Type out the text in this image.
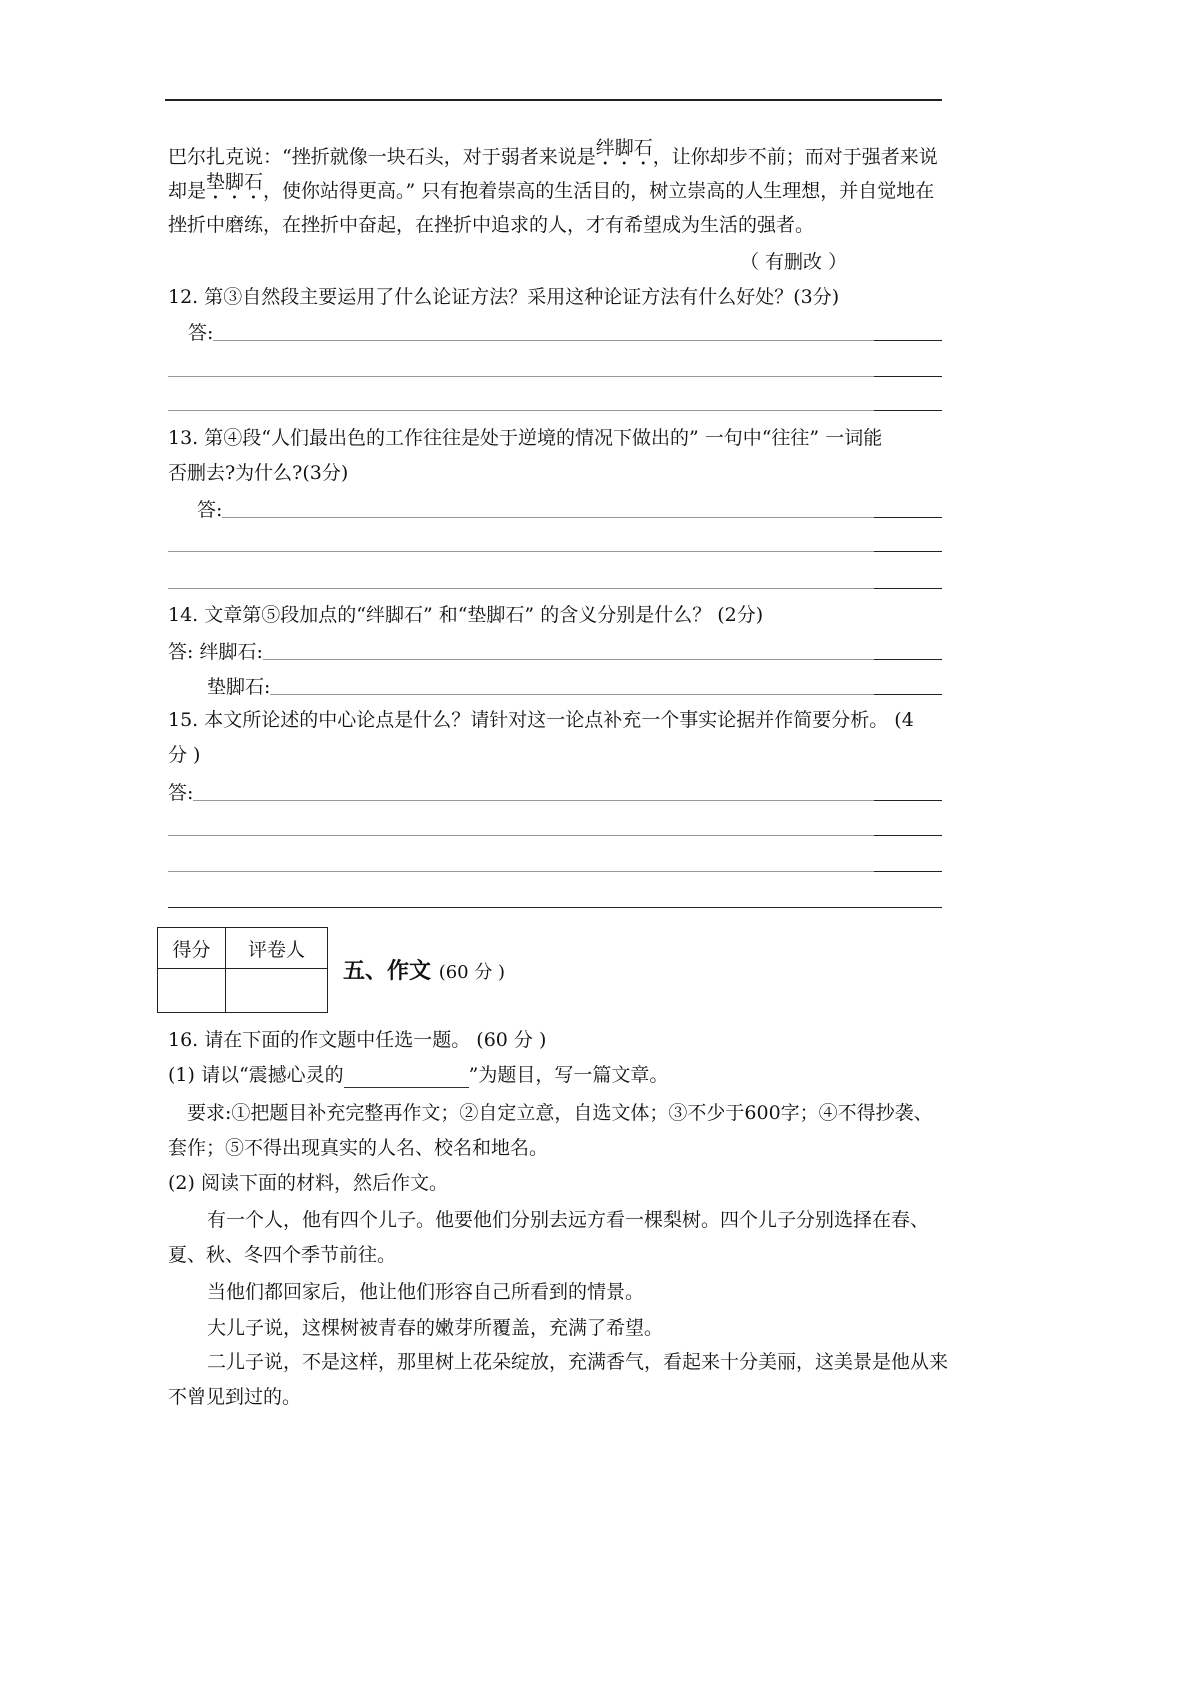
巴尔扎克说：“挫折就像一块石头，对于弱者来说是 绊脚石 ，让你却步不前；而对于强者来说
却是 垫脚石 ，使你站得更高。” 只有抱着崇高的生活目的，树立崇高的人生理想，并自觉地在
挫折中磨练，在挫折中奋起，在挫折中追求的人，才有希望成为生活的强者。
（ 有删改 ）
12. 第③自然段主要运用了什么论证方法？采用这种论证方法有什么好处？(3分)
答:
13. 第④段“人们最出色的工作往往是处于逆境的情况下做出的” 一句中“往往” 一词能
否删去?为什么?(3分)
答:
14. 文章第⑤段加点的“绊脚石” 和“垫脚石” 的含义分别是什么？ (2分)
答: 绊脚石:
垫脚石:
15. 本文所论述的中心论点是什么？请针对这一论点补充一个事实论据并作简要分析。 (4
分 )
答:
得分	评卷人

五、作文 (60 分 )
16. 请在下面的作文题中任选一题。 (60 分 )
(1) 请以“震撼心灵的	”为题目，写一篇文章。
要求:①把题目补充完整再作文；②自定立意，自选文体；③不少于600字；④不得抄袭、
套作；⑤不得出现真实的人名、校名和地名。
(2) 阅读下面的材料，然后作文。
有一个人，他有四个儿子。他要他们分别去远方看一棵梨树。四个儿子分别选择在春、
夏、秋、冬四个季节前往。
当他们都回家后，他让他们形容自己所看到的情景。
大儿子说，这棵树被青春的嫩芽所覆盖，充满了希望。
二儿子说，不是这样，那里树上花朵绽放，充满香气，看起来十分美丽，这美景是他从来
不曾见到过的。
